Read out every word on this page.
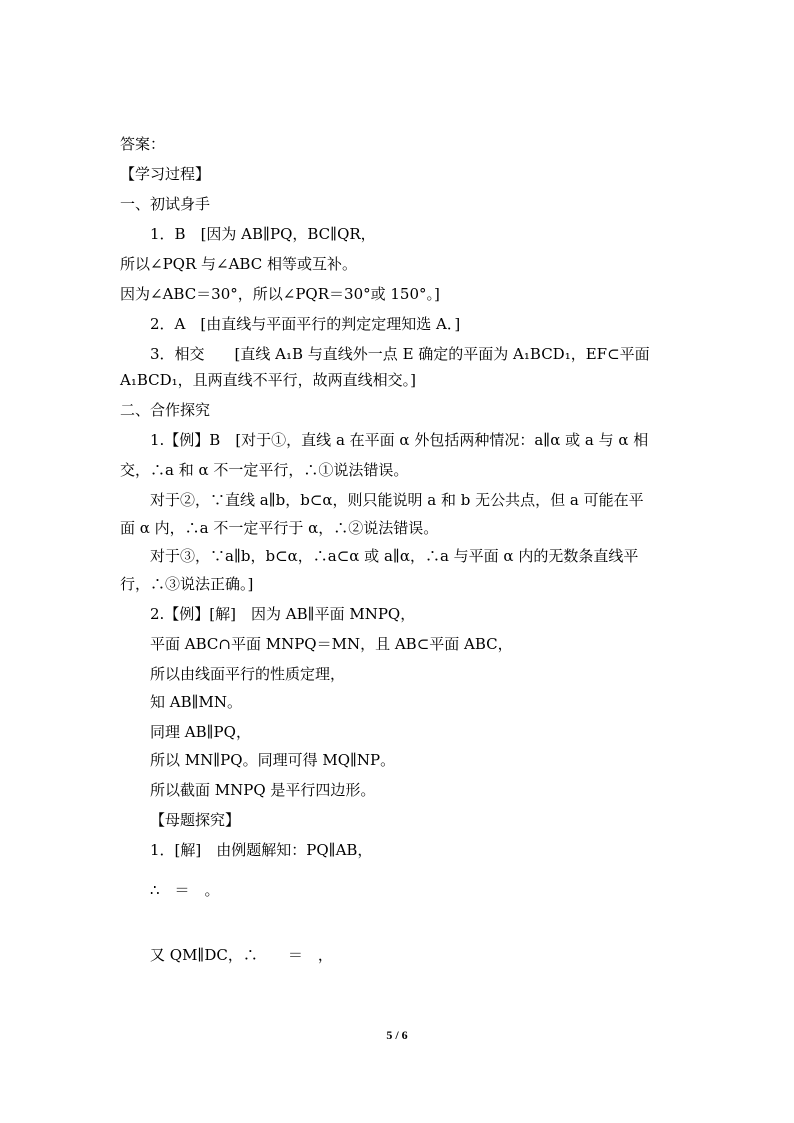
答案：
【学习过程】
一、初试身手
1．B　[因为 AB∥PQ，BC∥QR，
所以∠PQR 与∠ABC 相等或互补。
因为∠ABC＝30°，所以∠PQR＝30°或 150°。]
2．A　[由直线与平面平行的判定定理知选 A．]
3．相交　　[直线 A₁B 与直线外一点 E 确定的平面为 A₁BCD₁，EF⊂平面
A₁BCD₁，且两直线不平行，故两直线相交。]
二、合作探究
1.【例】B　[对于①，直线 a 在平面 α 外包括两种情况：a∥α 或 a 与 α 相
交，∴a 和 α 不一定平行，∴①说法错误。
对于②，∵直线 a∥b，b⊂α，则只能说明 a 和 b 无公共点，但 a 可能在平
面 α 内，∴a 不一定平行于 α，∴②说法错误。
对于③，∵a∥b，b⊂α，∴a⊂α 或 a∥α，∴a 与平面 α 内的无数条直线平
行，∴③说法正确。]
2.【例】[解]　因为 AB∥平面 MNPQ，
平面 ABC∩平面 MNPQ＝MN，且 AB⊂平面 ABC，
所以由线面平行的性质定理，
知 AB∥MN。
同理 AB∥PQ，
所以 MN∥PQ。同理可得 MQ∥NP。
所以截面 MNPQ 是平行四边形。
【母题探究】
1．[解]　由例题解知：PQ∥AB，
∴　＝　。
又 QM∥DC，∴　　＝　，
5 / 6
